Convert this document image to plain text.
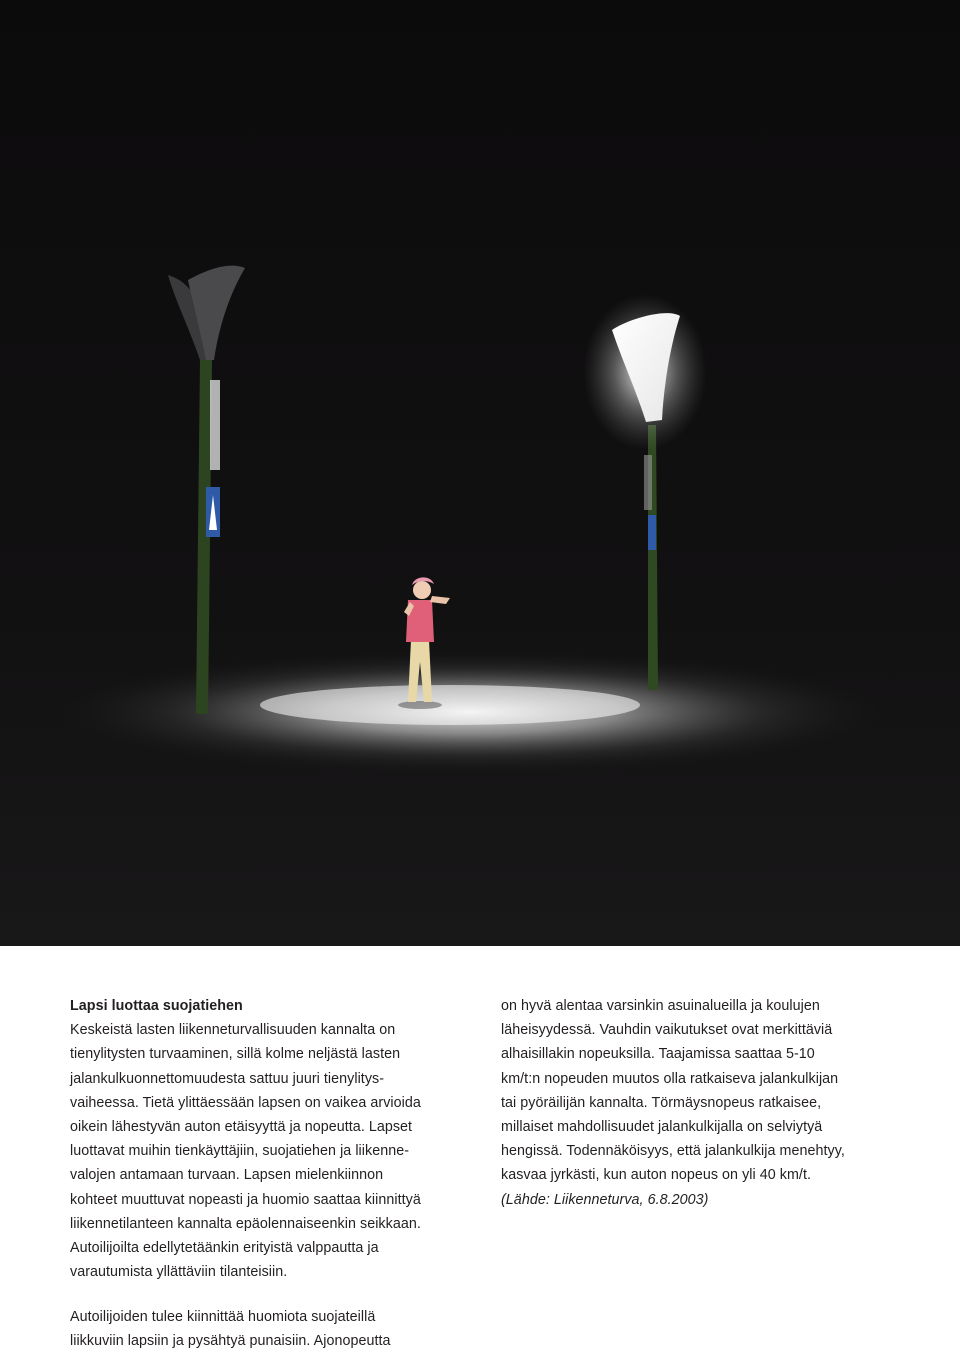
Lapsi luottaa suojatiehen
Keskeistä lasten liikenneturvallisuuden kannalta on
tienylitysten turvaaminen, sillä kolme neljästä lasten
jalankulkuonnettomuudesta sattuu juuri tienylitys-
vaiheessa. Tietä ylittäessään lapsen on vaikea arvioida
oikein lähestyvän auton etäisyyttä ja nopeutta. Lapset
luottavat muihin tienkäyttäjiin, suojatiehen ja liikenne-
valojen antamaan turvaan. Lapsen mielenkiinnon
kohteet muuttuvat nopeasti ja huomio saattaa kiinnittyä
liikennetilanteen kannalta epäolennaiseenkin seikkaan.
Autoilijoilta edellytetäänkin erityistä valppautta ja
varautumista yllättäviin tilanteisiin.
on hyvä alentaa varsinkin asuinalueilla ja koulujen
läheisyydessä. Vauhdin vaikutukset ovat merkittäviä
alhaisillakin nopeuksilla. Taajamissa saattaa 5-10
km/t:n nopeuden muutos olla ratkaiseva jalankulkijan
tai pyöräilijän kannalta. Törmäysnopeus ratkaisee,
millaiset mahdollisuudet jalankulkijalla on selviytyä
hengissä. Todennäköisyys, että jalankulkija menehtyy,
kasvaa jyrkästi, kun auton nopeus on yli 40 km/t.
(Lähde: Liikenneturva, 6.8.2003)
Autoilijoiden tulee kiinnittää huomiota suojateillä
liikkuviin lapsiin ja pysähtyä punaisiin. Ajonopeutta
